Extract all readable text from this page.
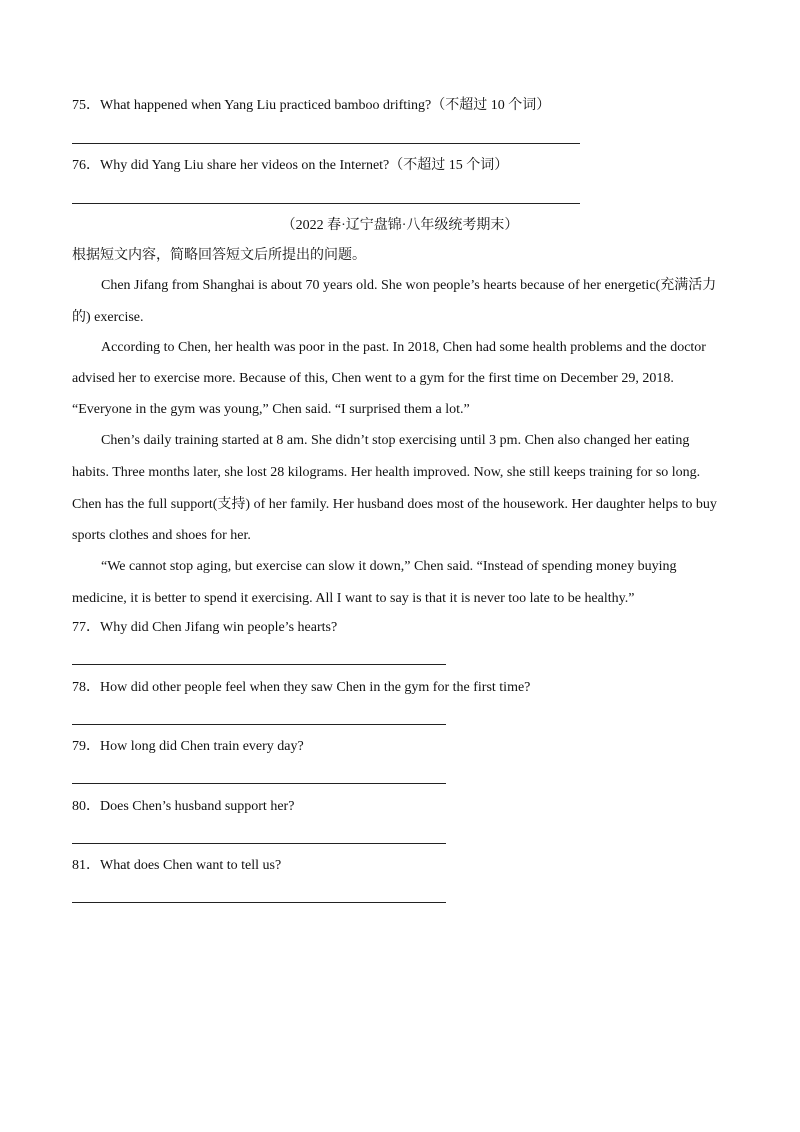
75．What happened when Yang Liu practiced bamboo drifting?（不超过 10 个词）
76．Why did Yang Liu share her videos on the Internet?（不超过 15 个词）
（2022 春·辽宁盘锦·八年级统考期末）
根据短文内容，简略回答短文后所提出的问题。
Chen Jifang from Shanghai is about 70 years old. She won people’s hearts because of her energetic(充满活力
的) exercise.
According to Chen, her health was poor in the past. In 2018, Chen had some health problems and the doctor
advised her to exercise more. Because of this, Chen went to a gym for the first time on December 29, 2018.
“Everyone in the gym was young,” Chen said. “I surprised them a lot.”
Chen’s daily training started at 8 am. She didn’t stop exercising until 3 pm. Chen also changed her eating
habits. Three months later, she lost 28 kilograms. Her health improved. Now, she still keeps training for so long.
Chen has the full support(支持) of her family. Her husband does most of the housework. Her daughter helps to buy
sports clothes and shoes for her.
“We cannot stop aging, but exercise can slow it down,” Chen said. “Instead of spending money buying
medicine, it is better to spend it exercising. All I want to say is that it is never too late to be healthy.”
77．Why did Chen Jifang win people’s hearts?
78．How did other people feel when they saw Chen in the gym for the first time?
79．How long did Chen train every day?
80．Does Chen’s husband support her?
81．What does Chen want to tell us?
